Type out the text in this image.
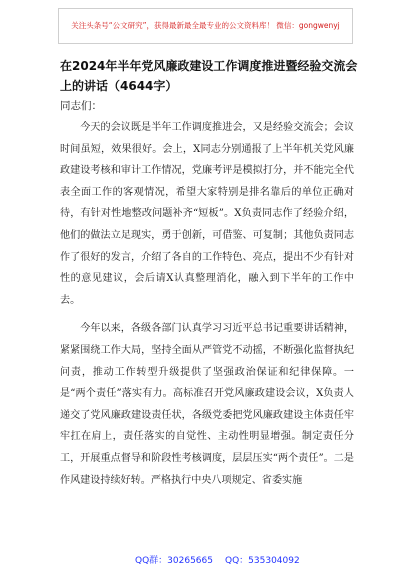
关注头条号“公文研究”，获得最新最全最专业的公文资料库！ 微信：gongwenyj
在2024年半年党风廉政建设工作调度推进暨经验交流会上的讲话（4644字）
同志们：

今天的会议既是半年工作调度推进会，又是经验交流会；会议时间虽短，效果很好。会上，X同志分别通报了上半年机关党风廉政建设考核和审计工作情况，党廉考评是模拟打分，并不能完全代表全面工作的客观情况，希望大家特别是排名靠后的单位正确对待，有针对性地整改问题补齐“短板”。X负责同志作了经验介绍，他们的做法立足现实，勇于创新，可借鉴、可复制；其他负责同志作了很好的发言，介绍了各自的工作特色、亮点，提出不少有针对性的意见建议，会后请X认真整理消化，融入到下半年的工作中去。

今年以来，各级各部门认真学习习近平总书记重要讲话精神，紧紧围绕工作大局，坚持全面从严管党不动摇，不断强化监督执纪问责，推动工作转型升级提供了坚强政治保证和纪律保障。一是“两个责任”落实有力。高标准召开党风廉政建设会议，X负责人递交了党风廉政建设责任状，各级党委把党风廉政建设主体责任牢牢扛在肩上，责任落实的自觉性、主动性明显增强。制定责任分工，开展重点督导和阶段性考核调度，层层压实“两个责任”。二是作风建设持续好转。严格执行中央八项规定、省委实施

QQ群：30265665 QQ：535304092
